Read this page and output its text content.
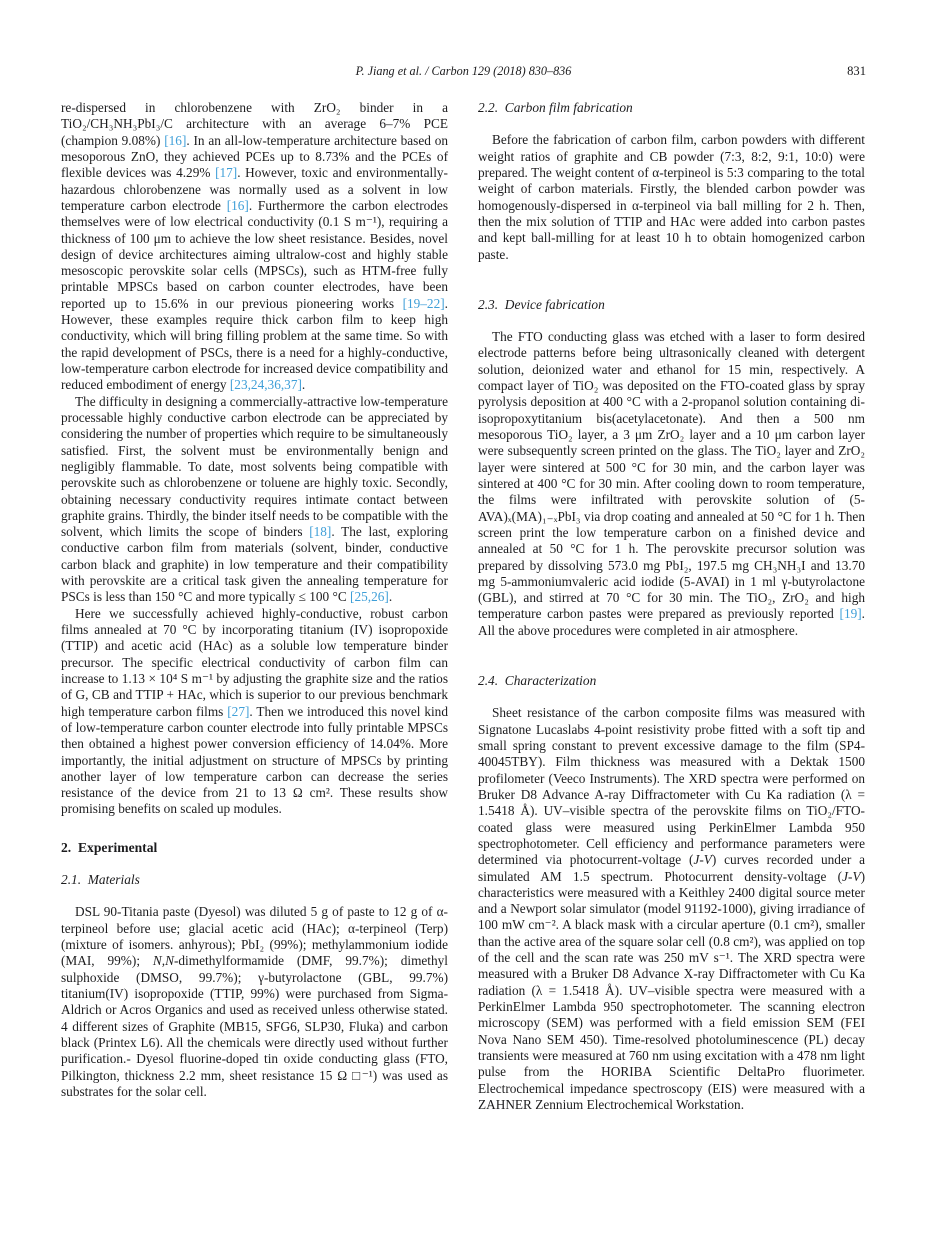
P. Jiang et al. / Carbon 129 (2018) 830–836	831

re-dispersed in chlorobenzene with ZrO₂ binder in a TiO₂/CH₃NH₃PbI₃/C architecture with an average 6–7% PCE (champion 9.08%) [16]. In an all-low-temperature architecture based on mesoporous ZnO, they achieved PCEs up to 8.73% and the PCEs of flexible devices was 4.29% [17]. However, toxic and environmentally-hazardous chlorobenzene was normally used as a solvent in low temperature carbon electrode [16]. Furthermore the carbon electrodes themselves were of low electrical conductivity (0.1 S m⁻¹), requiring a thickness of 100 μm to achieve the low sheet resistance. Besides, novel design of device architectures aiming ultralow-cost and highly stable mesoscopic perovskite solar cells (MPSCs), such as HTM-free fully printable MPSCs based on carbon counter electrodes, have been reported up to 15.6% in our previous pioneering works [19–22]. However, these examples require thick carbon film to keep high conductivity, which will bring filling problem at the same time. So with the rapid development of PSCs, there is a need for a highly-conductive, low-temperature carbon electrode for increased device compatibility and reduced embodiment of energy [23,24,36,37].

The difficulty in designing a commercially-attractive low-temperature processable highly conductive carbon electrode can be appreciated by considering the number of properties which require to be simultaneously satisfied. First, the solvent must be environmentally benign and negligibly flammable. To date, most solvents being compatible with perovskite such as chlorobenzene or toluene are highly toxic. Secondly, obtaining necessary conductivity requires intimate contact between graphite grains. Thirdly, the binder itself needs to be compatible with the solvent, which limits the scope of binders [18]. The last, exploring conductive carbon film from materials (solvent, binder, conductive carbon black and graphite) in low temperature and their compatibility with perovskite are a critical task given the annealing temperature for PSCs is less than 150 °C and more typically ≤ 100 °C [25,26].

Here we successfully achieved highly-conductive, robust carbon films annealed at 70 °C by incorporating titanium (IV) isopropoxide (TTIP) and acetic acid (HAc) as a soluble low temperature binder precursor. The specific electrical conductivity of carbon film can increase to 1.13 × 10⁴ S m⁻¹ by adjusting the graphite size and the ratios of G, CB and TTIP + HAc, which is superior to our previous benchmark high temperature carbon films [27]. Then we introduced this novel kind of low-temperature carbon counter electrode into fully printable MPSCs then obtained a highest power conversion efficiency of 14.04%. More importantly, the initial adjustment on structure of MPSCs by printing another layer of low temperature carbon can decrease the series resistance of the device from 21 to 13 Ω cm². These results show promising benefits on scaled up modules.

2.  Experimental
2.1.  Materials

DSL 90-Titania paste (Dyesol) was diluted 5 g of paste to 12 g of α-terpineol before use; glacial acetic acid (HAc); α-terpineol (Terp) (mixture of isomers. anhyrous); PbI₂ (99%); methylammonium iodide (MAI, 99%); N,N-dimethylformamide (DMF, 99.7%); dimethyl sulphoxide (DMSO, 99.7%); γ-butyrolactone (GBL, 99.7%) titanium(IV) isopropoxide (TTIP, 99%) were purchased from Sigma-Aldrich or Acros Organics and used as received unless otherwise stated. 4 different sizes of Graphite (MB15, SFG6, SLP30, Fluka) and carbon black (Printex L6). All the chemicals were directly used without further purification.- Dyesol fluorine-doped tin oxide conducting glass (FTO, Pilkington, thickness 2.2 mm, sheet resistance 15 Ω □⁻¹) was used as substrates for the solar cell.

2.2.  Carbon film fabrication

Before the fabrication of carbon film, carbon powders with different weight ratios of graphite and CB powder (7:3, 8:2, 9:1, 10:0) were prepared. The weight content of α-terpineol is 5:3 comparing to the total weight of carbon materials. Firstly, the blended carbon powder was homogenously-dispersed in α-terpineol via ball milling for 2 h. Then, then the mix solution of TTIP and HAc were added into carbon pastes and kept ball-milling for at least 10 h to obtain homogenized carbon paste.

2.3.  Device fabrication

The FTO conducting glass was etched with a laser to form desired electrode patterns before being ultrasonically cleaned with detergent solution, deionized water and ethanol for 15 min, respectively. A compact layer of TiO₂ was deposited on the FTO-coated glass by spray pyrolysis deposition at 400 °C with a 2-propanol solution containing di-isopropoxytitanium bis(acetylacetonate). And then a 500 nm mesoporous TiO₂ layer, a 3 μm ZrO₂ layer and a 10 μm carbon layer were subsequently screen printed on the glass. The TiO₂ layer and ZrO₂ layer were sintered at 500 °C for 30 min, and the carbon layer was sintered at 400 °C for 30 min. After cooling down to room temperature, the films were infiltrated with perovskite solution of (5-AVA)ₓ(MA)₁₋ₓPbI₃ via drop coating and annealed at 50 °C for 1 h. Then screen print the low temperature carbon on a finished device and annealed at 50 °C for 1 h. The perovskite precursor solution was prepared by dissolving 573.0 mg PbI₂, 197.5 mg CH₃NH₃I and 13.70 mg 5-ammoniumvaleric acid iodide (5-AVAI) in 1 ml γ-butyrolactone (GBL), and stirred at 70 °C for 30 min. The TiO₂, ZrO₂ and high temperature carbon pastes were prepared as previously reported [19]. All the above procedures were completed in air atmosphere.

2.4.  Characterization

Sheet resistance of the carbon composite films was measured with Signatone Lucaslabs 4-point resistivity probe fitted with a soft tip and small spring constant to prevent excessive damage to the film (SP4-40045TBY). Film thickness was measured with a Dektak 1500 profilometer (Veeco Instruments). The XRD spectra were performed on Bruker D8 Advance A-ray Diffractometer with Cu Ka radiation (λ = 1.5418 Å). UV–visible spectra of the perovskite films on TiO₂/FTO-coated glass were measured using PerkinElmer Lambda 950 spectrophotometer. Cell efficiency and performance parameters were determined via photocurrent-voltage (J-V) curves recorded under a simulated AM 1.5 spectrum. Photocurrent density-voltage (J-V) characteristics were measured with a Keithley 2400 digital source meter and a Newport solar simulator (model 91192-1000), giving irradiance of 100 mW cm⁻². A black mask with a circular aperture (0.1 cm²), smaller than the active area of the square solar cell (0.8 cm²), was applied on top of the cell and the scan rate was 250 mV s⁻¹. The XRD spectra were measured with a Bruker D8 Advance X-ray Diffractometer with Cu Ka radiation (λ = 1.5418 Å). UV–visible spectra were measured with a PerkinElmer Lambda 950 spectrophotometer. The scanning electron microscopy (SEM) was performed with a field emission SEM (FEI Nova Nano SEM 450). Time-resolved photoluminescence (PL) decay transients were measured at 760 nm using excitation with a 478 nm light pulse from the HORIBA Scientific DeltaPro fluorimeter. Electrochemical impedance spectroscopy (EIS) were measured with a ZAHNER Zennium Electrochemical Workstation.
